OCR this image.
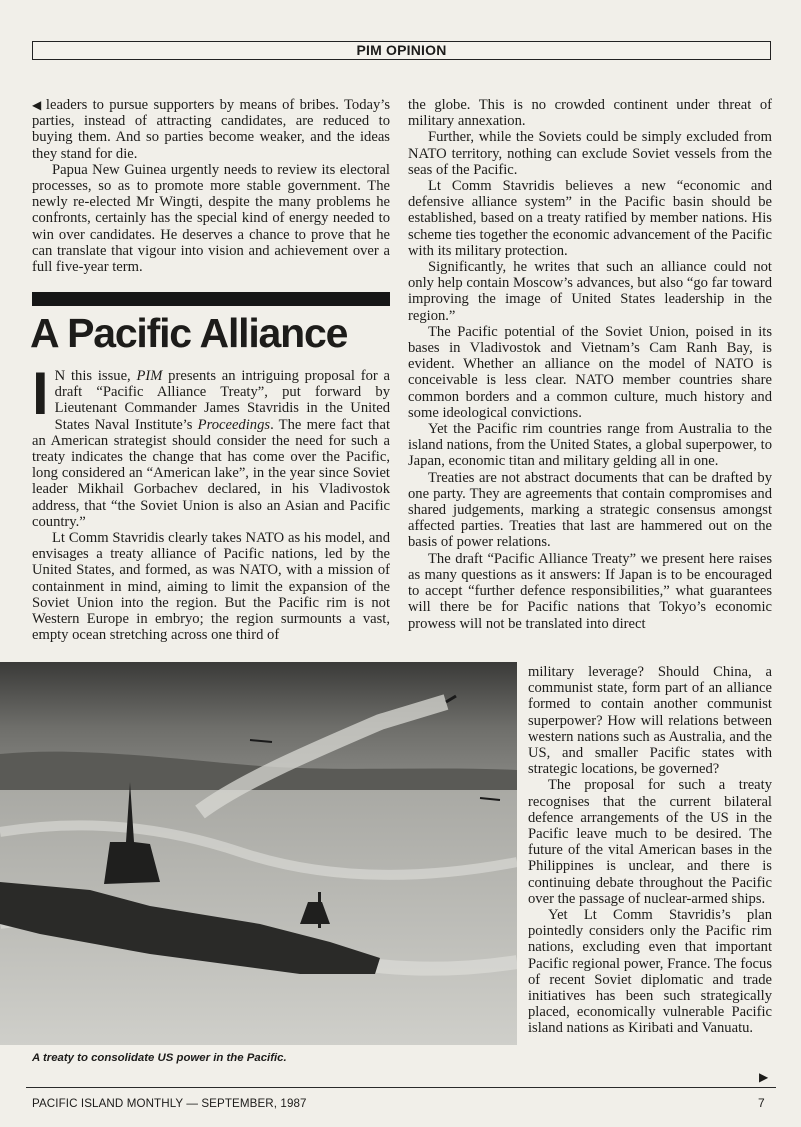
PIM OPINION

◀ leaders to pursue supporters by means of bribes. Today’s parties, instead of attracting candidates, are reduced to buying them. And so parties become weaker, and the ideas they stand for die.

Papua New Guinea urgently needs to review its electoral processes, so as to promote more stable government. The newly re-elected Mr Wingti, despite the many problems he confronts, certainly has the special kind of energy needed to win over candidates. He deserves a chance to prove that he can translate that vigour into vision and achievement over a full five-year term.

A Pacific Alliance

I N this issue, PIM presents an intriguing proposal for a draft “Pacific Alliance Treaty”, put forward by Lieutenant Commander James Stavridis in the United States Naval Institute’s Proceedings. The mere fact that an American strategist should consider the need for such a treaty indicates the change that has come over the Pacific, long considered an “American lake”, in the year since Soviet leader Mikhail Gorbachev declared, in his Vladivostok address, that “the Soviet Union is also an Asian and Pacific country.”

Lt Comm Stavridis clearly takes NATO as his model, and envisages a treaty alliance of Pacific nations, led by the United States, and formed, as was NATO, with a mission of containment in mind, aiming to limit the expansion of the Soviet Union into the region. But the Pacific rim is not Western Europe in embryo; the region surmounts a vast, empty ocean stretching across one third of

the globe. This is no crowded continent under threat of military annexation.

Further, while the Soviets could be simply excluded from NATO territory, nothing can exclude Soviet vessels from the seas of the Pacific.

Lt Comm Stavridis believes a new “economic and defensive alliance system” in the Pacific basin should be established, based on a treaty ratified by member nations. His scheme ties together the economic advancement of the Pacific with its military protection.

Significantly, he writes that such an alliance could not only help contain Moscow’s advances, but also “go far toward improving the image of United States leadership in the region.”

The Pacific potential of the Soviet Union, poised in its bases in Vladivostok and Vietnam’s Cam Ranh Bay, is evident. Whether an alliance on the model of NATO is conceivable is less clear. NATO member countries share common borders and a common culture, much history and some ideological convictions.

Yet the Pacific rim countries range from Australia to the island nations, from the United States, a global superpower, to Japan, economic titan and military gelding all in one.

Treaties are not abstract documents that can be drafted by one party. They are agreements that contain compromises and shared judgements, marking a strategic consensus amongst affected parties. Treaties that last are hammered out on the basis of power relations.

The draft “Pacific Alliance Treaty” we present here raises as many questions as it answers: If Japan is to be encouraged to accept “further defence responsibilities,” what guarantees will there be for Pacific nations that Tokyo’s economic prowess will not be translated into direct

military leverage? Should China, a communist state, form part of an alliance formed to contain another communist superpower? How will relations between western nations such as Australia, and the US, and smaller Pacific states with strategic locations, be governed?

The proposal for such a treaty recognises that the current bilateral defence arrangements of the US in the Pacific leave much to be desired. The future of the vital American bases in the Philippines is unclear, and there is continuing debate throughout the Pacific over the passage of nuclear-armed ships.

Yet Lt Comm Stavridis’s plan pointedly considers only the Pacific rim nations, excluding even that important Pacific regional power, France. The focus of recent Soviet diplomatic and trade initiatives has been such strategically placed, economically vulnerable Pacific island nations as Kiribati and Vanuatu.

A treaty to consolidate US power in the Pacific.
▶
PACIFIC ISLAND MONTHLY — SEPTEMBER, 1987	7
